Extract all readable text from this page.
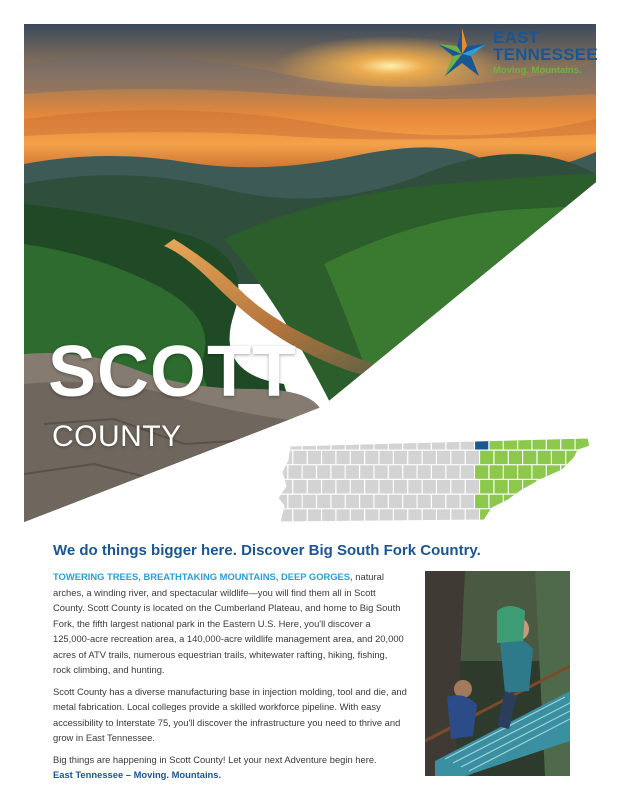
EAST
TENNESSEE
Moving. Mountains.
SCOTT
COUNTY
We do things bigger here. Discover Big South Fork Country.

TOWERING TREES, BREATHTAKING MOUNTAINS, DEEP GORGES, natural arches, a winding river, and spectacular wildlife—you will find them all in Scott County. Scott County is located on the Cumberland Plateau, and home to Big South Fork, the fifth largest national park in the Eastern U.S. Here, you'll discover a 125,000-acre recreation area, a 140,000-acre wildlife management area, and 20,000 acres of ATV trails, numerous equestrian trails, whitewater rafting, hiking, fishing, rock climbing, and hunting.

Scott County has a diverse manufacturing base in injection molding, tool and die, and metal fabrication. Local colleges provide a skilled workforce pipeline. With easy accessibility to Interstate 75, you'll discover the infrastructure you need to thrive and grow in East Tennessee.

Big things are happening in Scott County! Let your next Adventure begin here.
East Tennessee – Moving. Mountains.
